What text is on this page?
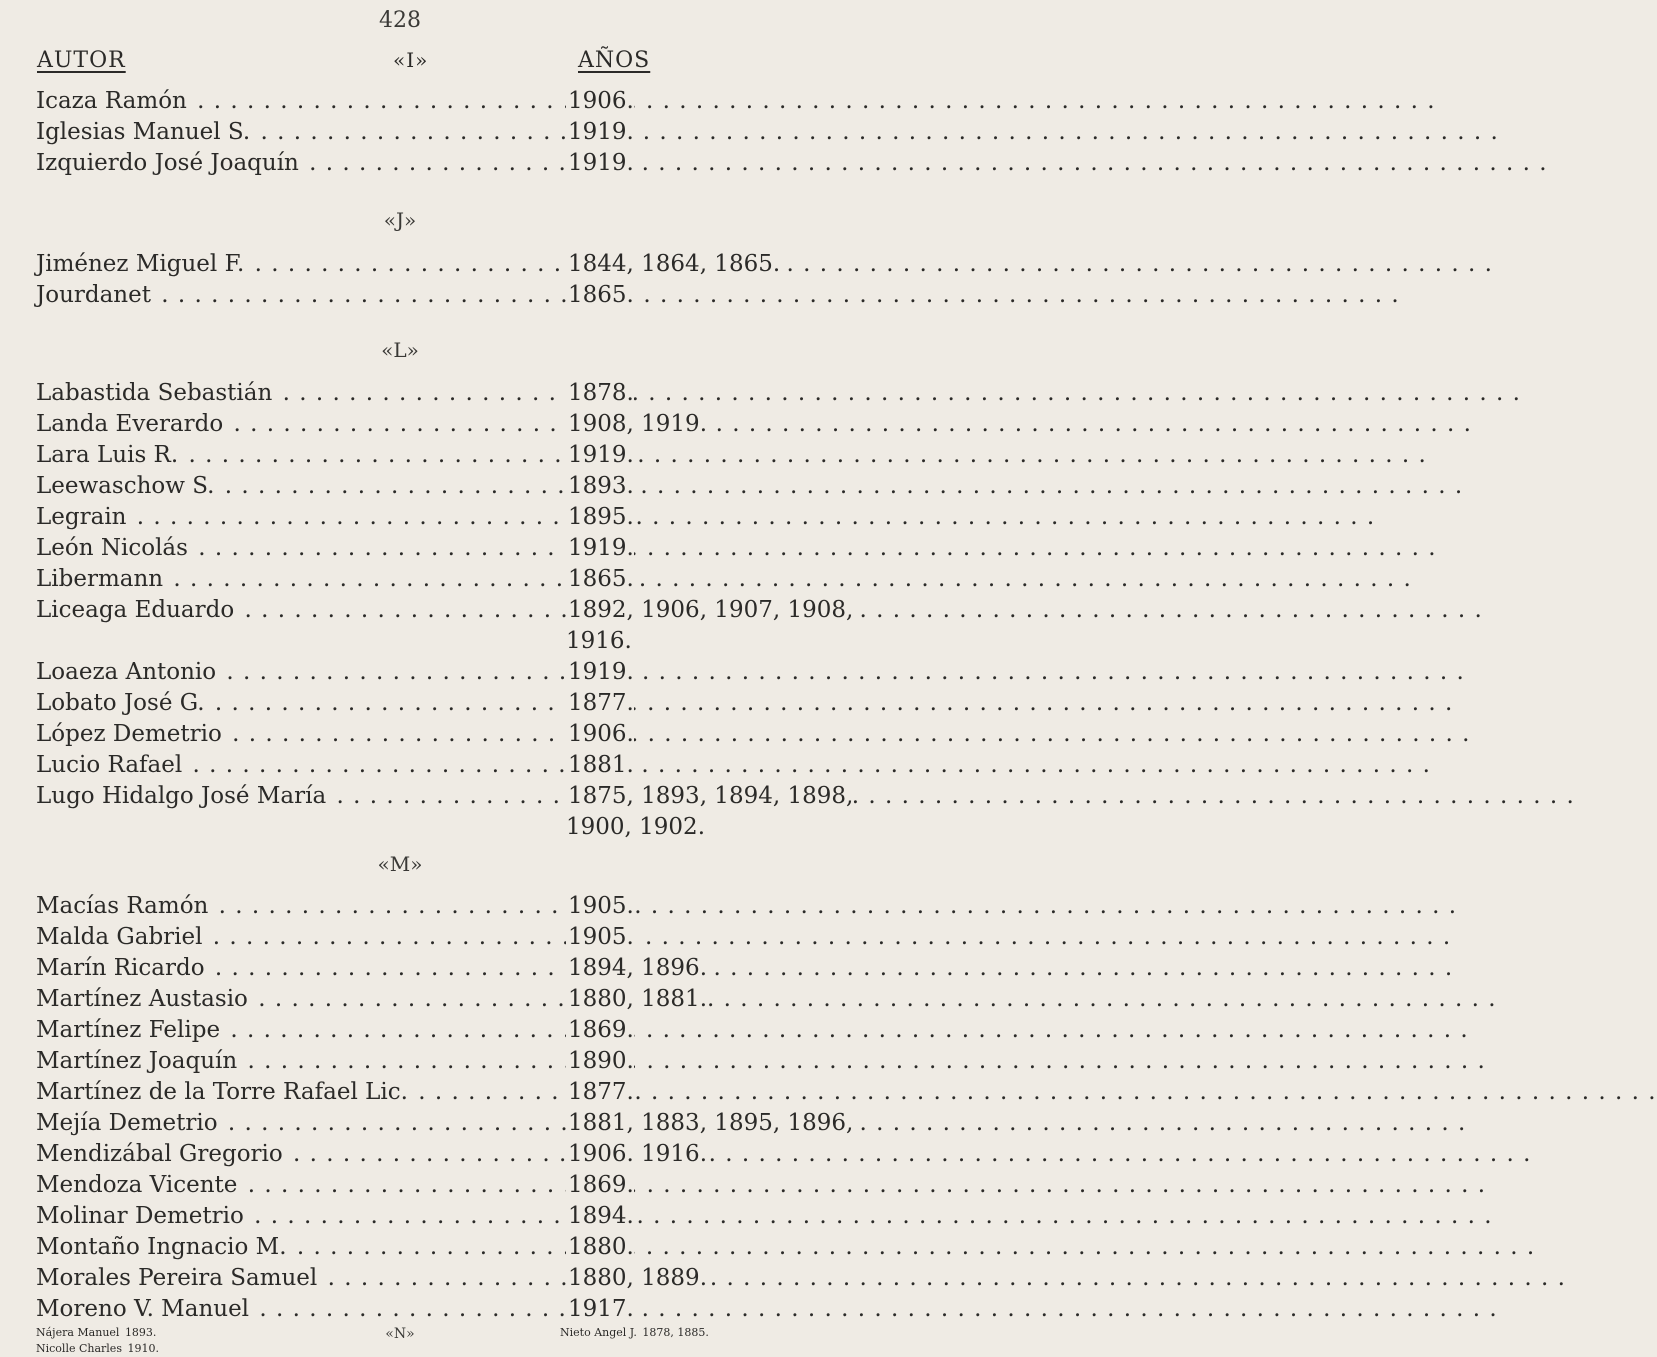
428
AUTOR	«I»	AÑOS
Icaza Ramón . . .	1906.
Iglesias Manuel S. . . .	1919.
Izquierdo José Joaquín . . .	1919.
«J»
Jiménez Miguel F. . . .	1844, 1864, 1865.
Jourdanet . . .	1865.
«L»
Labastida Sebastián . . .	1878.
Landa Everardo . . .	1908, 1919.
Lara Luis R. . . .	1919.
Leewaschow S. . . .	1893.
Legrain . . .	1895.
León Nicolás . . .	1919.
Libermann . . .	1865.
Liceaga Eduardo . . .	1892, 1906, 1907, 1908,
1916.
Loaeza Antonio . . .	1919.
Lobato José G. . . .	1877.
López Demetrio . . .	1906.
Lucio Rafael . . .	1881.
Lugo Hidalgo José María . . .	1875, 1893, 1894, 1898,
1900, 1902.
«M»
Macías Ramón . . .	1905.
Malda Gabriel . . .	1905.
Marín Ricardo . . .	1894, 1896.
Martínez Austasio . . .	1880, 1881.
Martínez Felipe . . .	1869.
Martínez Joaquín . . .	1890.
Martínez de la Torre Rafael Lic. . . .	1877.
Mejía Demetrio . . .	1881, 1883, 1895, 1896,
Mendizábal Gregorio . . .	1906. 1916.
Mendoza Vicente . . .	1869.
Molinar Demetrio . . .	1894.
Montaño Ingnacio M. . . .	1880.
Morales Pereira Samuel . . .	1880, 1889.
Moreno V. Manuel . . .	1917.
«N»
Nájera Manuel 1893.
Nicolle Charles 1910.
Nieto Angel J. 1878, 1885.
